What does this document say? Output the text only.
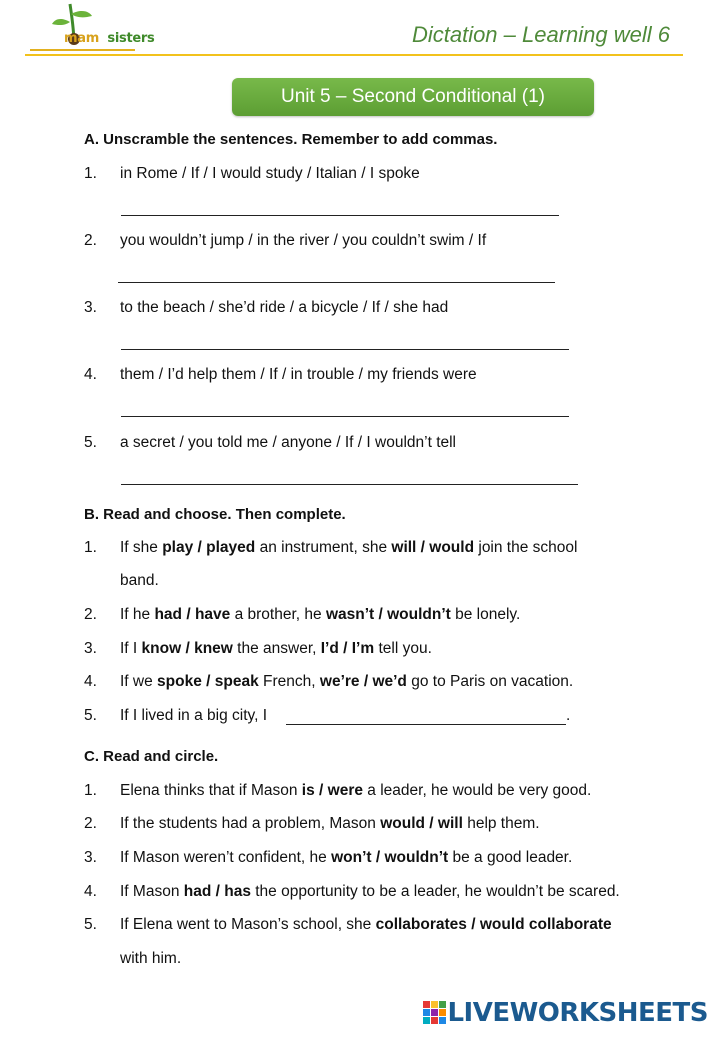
mam sisters	Dictation – Learning well 6
Unit 5 – Second Conditional (1)
A. Unscramble the sentences. Remember to add commas.
1.	in Rome / If / I would study / Italian / I spoke
2.	you wouldn’t jump / in the river / you couldn’t swim / If
3.	to the beach / she’d ride / a bicycle / If / she had
4.	them / I’d help them / If / in trouble / my friends were
5.	a secret / you told me / anyone / If / I wouldn’t tell
B. Read and choose. Then complete.
1.	If she play / played an instrument, she will / would join the school
band.
2.	If he had / have a brother, he wasn’t / wouldn’t be lonely.
3.	If I know / knew the answer, I’d / I’m tell you.
4.	If we spoke / speak French, we’re / we’d go to Paris on vacation.
5.	If I lived in a big city, I	.
C. Read and circle.
1.	Elena thinks that if Mason is / were a leader, he would be very good.
2.	If the students had a problem, Mason would / will help them.
3.	If Mason weren’t confident, he won’t / wouldn’t be a good leader.
4.	If Mason had / has the opportunity to be a leader, he wouldn’t be scared.
5.	If Elena went to Mason’s school, she collaborates / would collaborate
with him.
LIVEWORKSHEETS
